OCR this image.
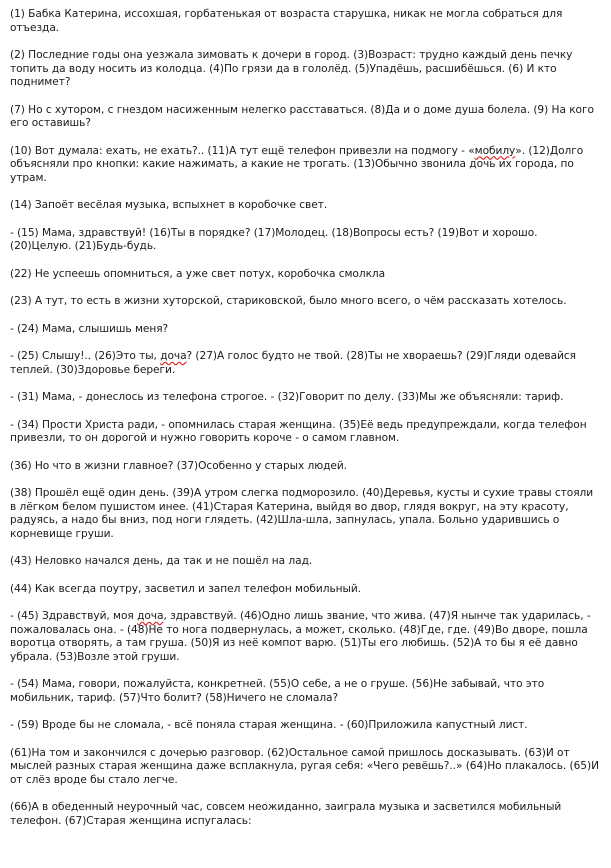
(1) Бабка Катерина, иссохшая, горбатенькая от возраста старушка, никак не могла собраться для отъезда.

(2) Последние годы она уезжала зимовать к дочери в город. (3)Возраст: трудно каждый день печку топить да воду носить из колодца. (4)По грязи да в гололёд. (5)Упадёшь, расшибёшься. (6) И кто поднимет?

(7) Но с хутором, с гнездом насиженным нелегко расставаться. (8)Да и о доме душа болела. (9) На кого его оставишь?

(10) Вот думала: ехать, не ехать?.. (11)А тут ещё телефон привезли на подмогу - «мобилу». (12)Долго объясняли про кнопки: какие нажимать, а какие не трогать. (13)Обычно звонила дочь их города, по утрам.

(14) Запоёт весёлая музыка, вспыхнет в коробочке свет.

- (15) Мама, здравствуй! (16)Ты в порядке? (17)Молодец. (18)Вопросы есть? (19)Вот и хорошо. (20)Целую. (21)Будь-будь.

(22) Не успеешь опомниться, а уже свет потух, коробочка смолкла

(23) А тут, то есть в жизни хуторской, стариковской, было много всего, о чём рассказать хотелось.

- (24) Мама, слышишь меня?

- (25) Слышу!.. (26)Это ты, доча? (27)А голос будто не твой. (28)Ты не хвораешь? (29)Гляди одевайся теплей. (30)Здоровье береги.

- (31) Мама, - донеслось из телефона строгое. - (32)Говорит по делу. (33)Мы же объясняли: тариф.

- (34) Прости Христа ради, - опомнилась старая женщина. (35)Её ведь предупреждали, когда телефон привезли, то он дорогой и нужно говорить короче - о самом главном.

(36) Но что в жизни главное? (37)Особенно у старых людей.

(38) Прошёл ещё один день. (39)А утром слегка подморозило. (40)Деревья, кусты и сухие травы стояли в лёгком белом пушистом инее. (41)Старая Катерина, выйдя во двор, глядя вокруг, на эту красоту, радуясь, а надо бы вниз, под ноги глядеть. (42)Шла-шла, запнулась, упала. Больно ударившись о корневище груши.

(43) Неловко начался день, да так и не пошёл на лад.

(44) Как всегда поутру, засветил и запел телефон мобильный.

- (45) Здравствуй, моя доча, здравствуй. (46)Одно лишь звание, что жива. (47)Я нынче так ударилась, - пожаловалась она. - (48)Не то нога подвернулась, а может, сколько. (48)Где, где. (49)Во дворе, пошла воротца отворять, а там груша. (50)Я из неё компот варю. (51)Ты его любишь. (52)А то бы я её давно убрала. (53)Возле этой груши.

- (54) Мама, говори, пожалуйста, конкретней. (55)О себе, а не о груше. (56)Не забывай, что это мобильник, тариф. (57)Что болит? (58)Ничего не сломала?

- (59) Вроде бы не сломала, - всё поняла старая женщина. - (60)Приложила капустный лист.

(61)На том и закончился с дочерью разговор. (62)Остальное самой пришлось досказывать. (63)И от мыслей разных старая женщина даже всплакнула, ругая себя: «Чего ревёшь?..» (64)Но плакалось. (65)И от слёз вроде бы стало легче.

(66)А в обеденный неурочный час, совсем неожиданно, заиграла музыка и засветился мобильный телефон. (67)Старая женщина испугалась:
